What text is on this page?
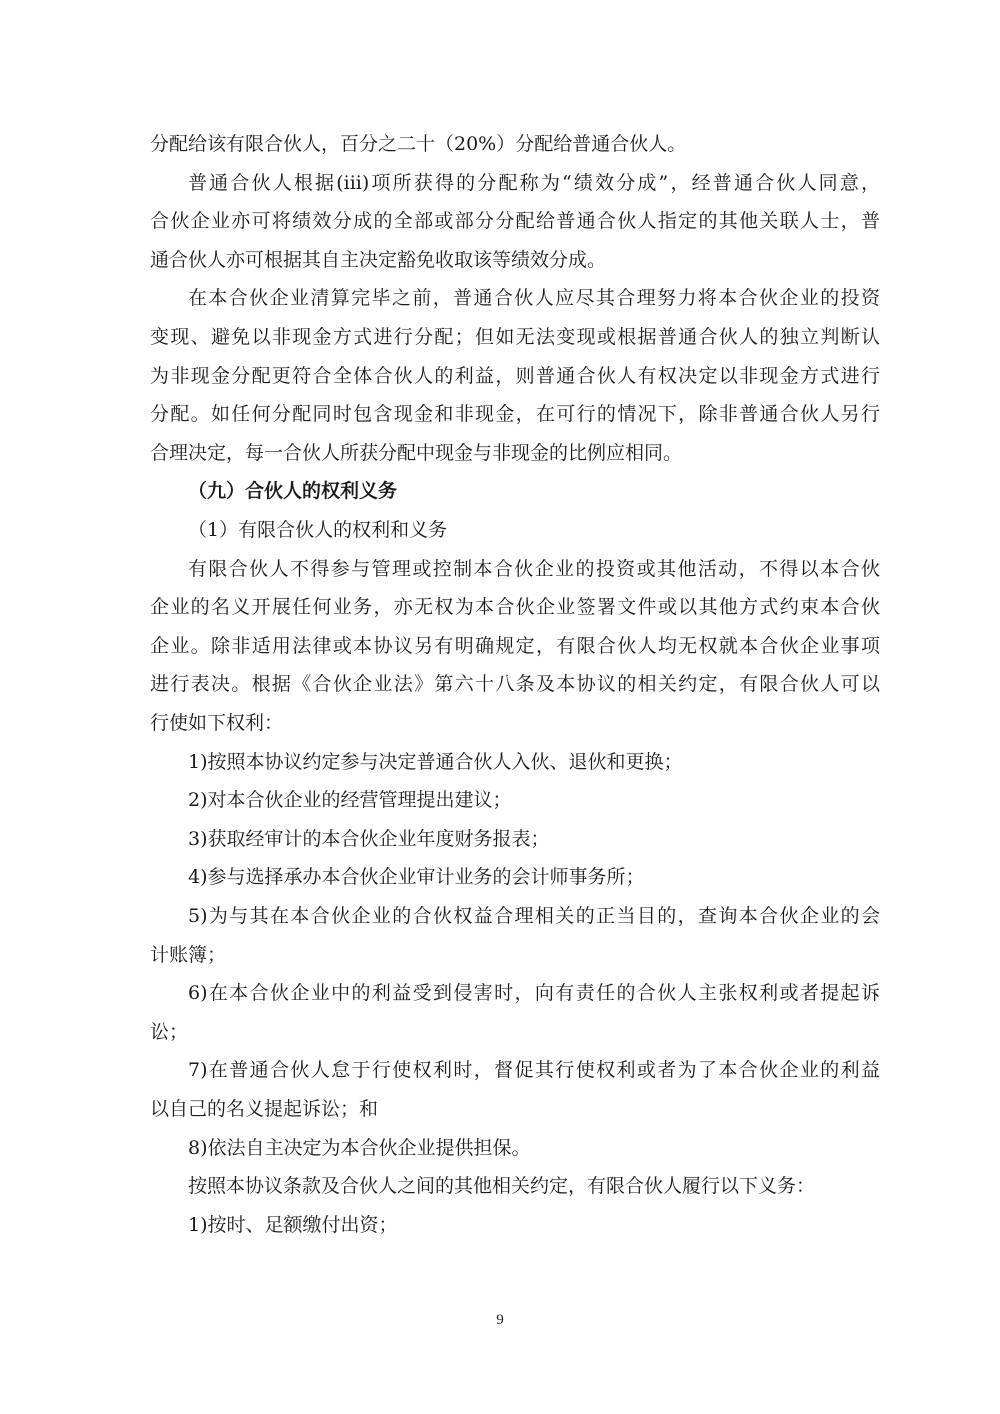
分配给该有限合伙人，百分之二十（20%）分配给普通合伙人。
普通合伙人根据(iii)项所获得的分配称为“绩效分成”，经普通合伙人同意，
合伙企业亦可将绩效分成的全部或部分分配给普通合伙人指定的其他关联人士，普
通合伙人亦可根据其自主决定豁免收取该等绩效分成。
在本合伙企业清算完毕之前，普通合伙人应尽其合理努力将本合伙企业的投资
变现、避免以非现金方式进行分配；但如无法变现或根据普通合伙人的独立判断认
为非现金分配更符合全体合伙人的利益，则普通合伙人有权决定以非现金方式进行
分配。如任何分配同时包含现金和非现金，在可行的情况下，除非普通合伙人另行
合理决定，每一合伙人所获分配中现金与非现金的比例应相同。
（九）合伙人的权利义务
（1）有限合伙人的权利和义务
有限合伙人不得参与管理或控制本合伙企业的投资或其他活动，不得以本合伙
企业的名义开展任何业务，亦无权为本合伙企业签署文件或以其他方式约束本合伙
企业。除非适用法律或本协议另有明确规定，有限合伙人均无权就本合伙企业事项
进行表决。根据《合伙企业法》第六十八条及本协议的相关约定，有限合伙人可以
行使如下权利：
1)按照本协议约定参与决定普通合伙人入伙、退伙和更换；
2)对本合伙企业的经营管理提出建议；
3)获取经审计的本合伙企业年度财务报表；
4)参与选择承办本合伙企业审计业务的会计师事务所；
5)为与其在本合伙企业的合伙权益合理相关的正当目的，查询本合伙企业的会
计账簿；
6)在本合伙企业中的利益受到侵害时，向有责任的合伙人主张权利或者提起诉
讼；
7)在普通合伙人怠于行使权利时，督促其行使权利或者为了本合伙企业的利益
以自己的名义提起诉讼；和
8)依法自主决定为本合伙企业提供担保。
按照本协议条款及合伙人之间的其他相关约定，有限合伙人履行以下义务：
1)按时、足额缴付出资；
9
